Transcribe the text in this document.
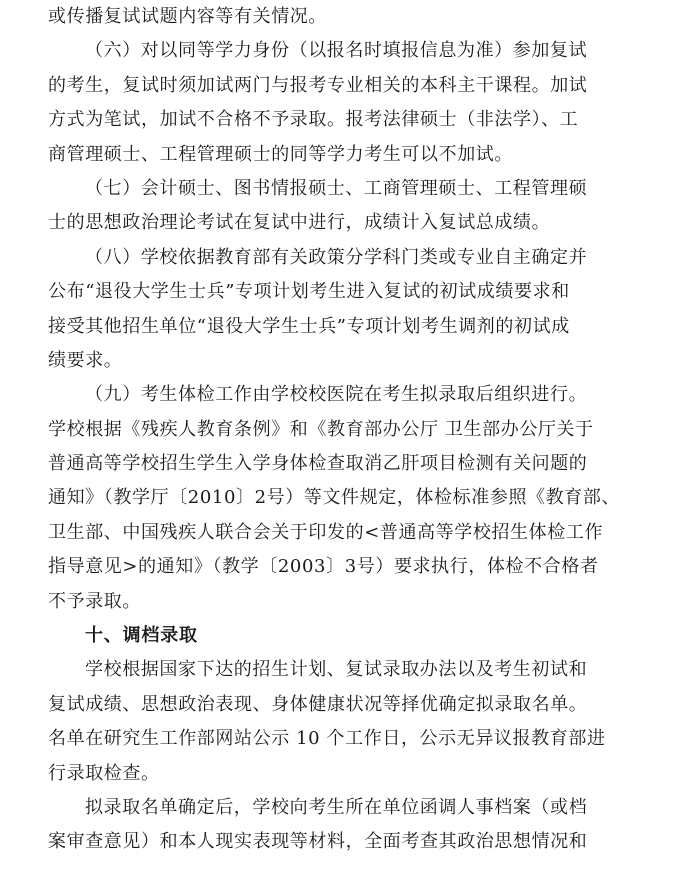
或传播复试试题内容等有关情况。
（六）对以同等学力身份（以报名时填报信息为准）参加复试
的考生，复试时须加试两门与报考专业相关的本科主干课程。加试
方式为笔试，加试不合格不予录取。报考法律硕士（非法学）、工
商管理硕士、工程管理硕士的同等学力考生可以不加试。
（七）会计硕士、图书情报硕士、工商管理硕士、工程管理硕
士的思想政治理论考试在复试中进行，成绩计入复试总成绩。
（八）学校依据教育部有关政策分学科门类或专业自主确定并
公布“退役大学生士兵”专项计划考生进入复试的初试成绩要求和
接受其他招生单位“退役大学生士兵”专项计划考生调剂的初试成
绩要求。
（九）考生体检工作由学校校医院在考生拟录取后组织进行。
学校根据《残疾人教育条例》和《教育部办公厅 卫生部办公厅关于
普通高等学校招生学生入学身体检查取消乙肝项目检测有关问题的
通知》（教学厅〔2010〕2号）等文件规定，体检标准参照《教育部、
卫生部、中国残疾人联合会关于印发的<普通高等学校招生体检工作
指导意见>的通知》（教学〔2003〕3号）要求执行，体检不合格者
不予录取。
十、调档录取
学校根据国家下达的招生计划、复试录取办法以及考生初试和
复试成绩、思想政治表现、身体健康状况等择优确定拟录取名单。
名单在研究生工作部网站公示 10 个工作日，公示无异议报教育部进
行录取检查。
拟录取名单确定后，学校向考生所在单位函调人事档案（或档
案审查意见）和本人现实表现等材料，全面考查其政治思想情况和
